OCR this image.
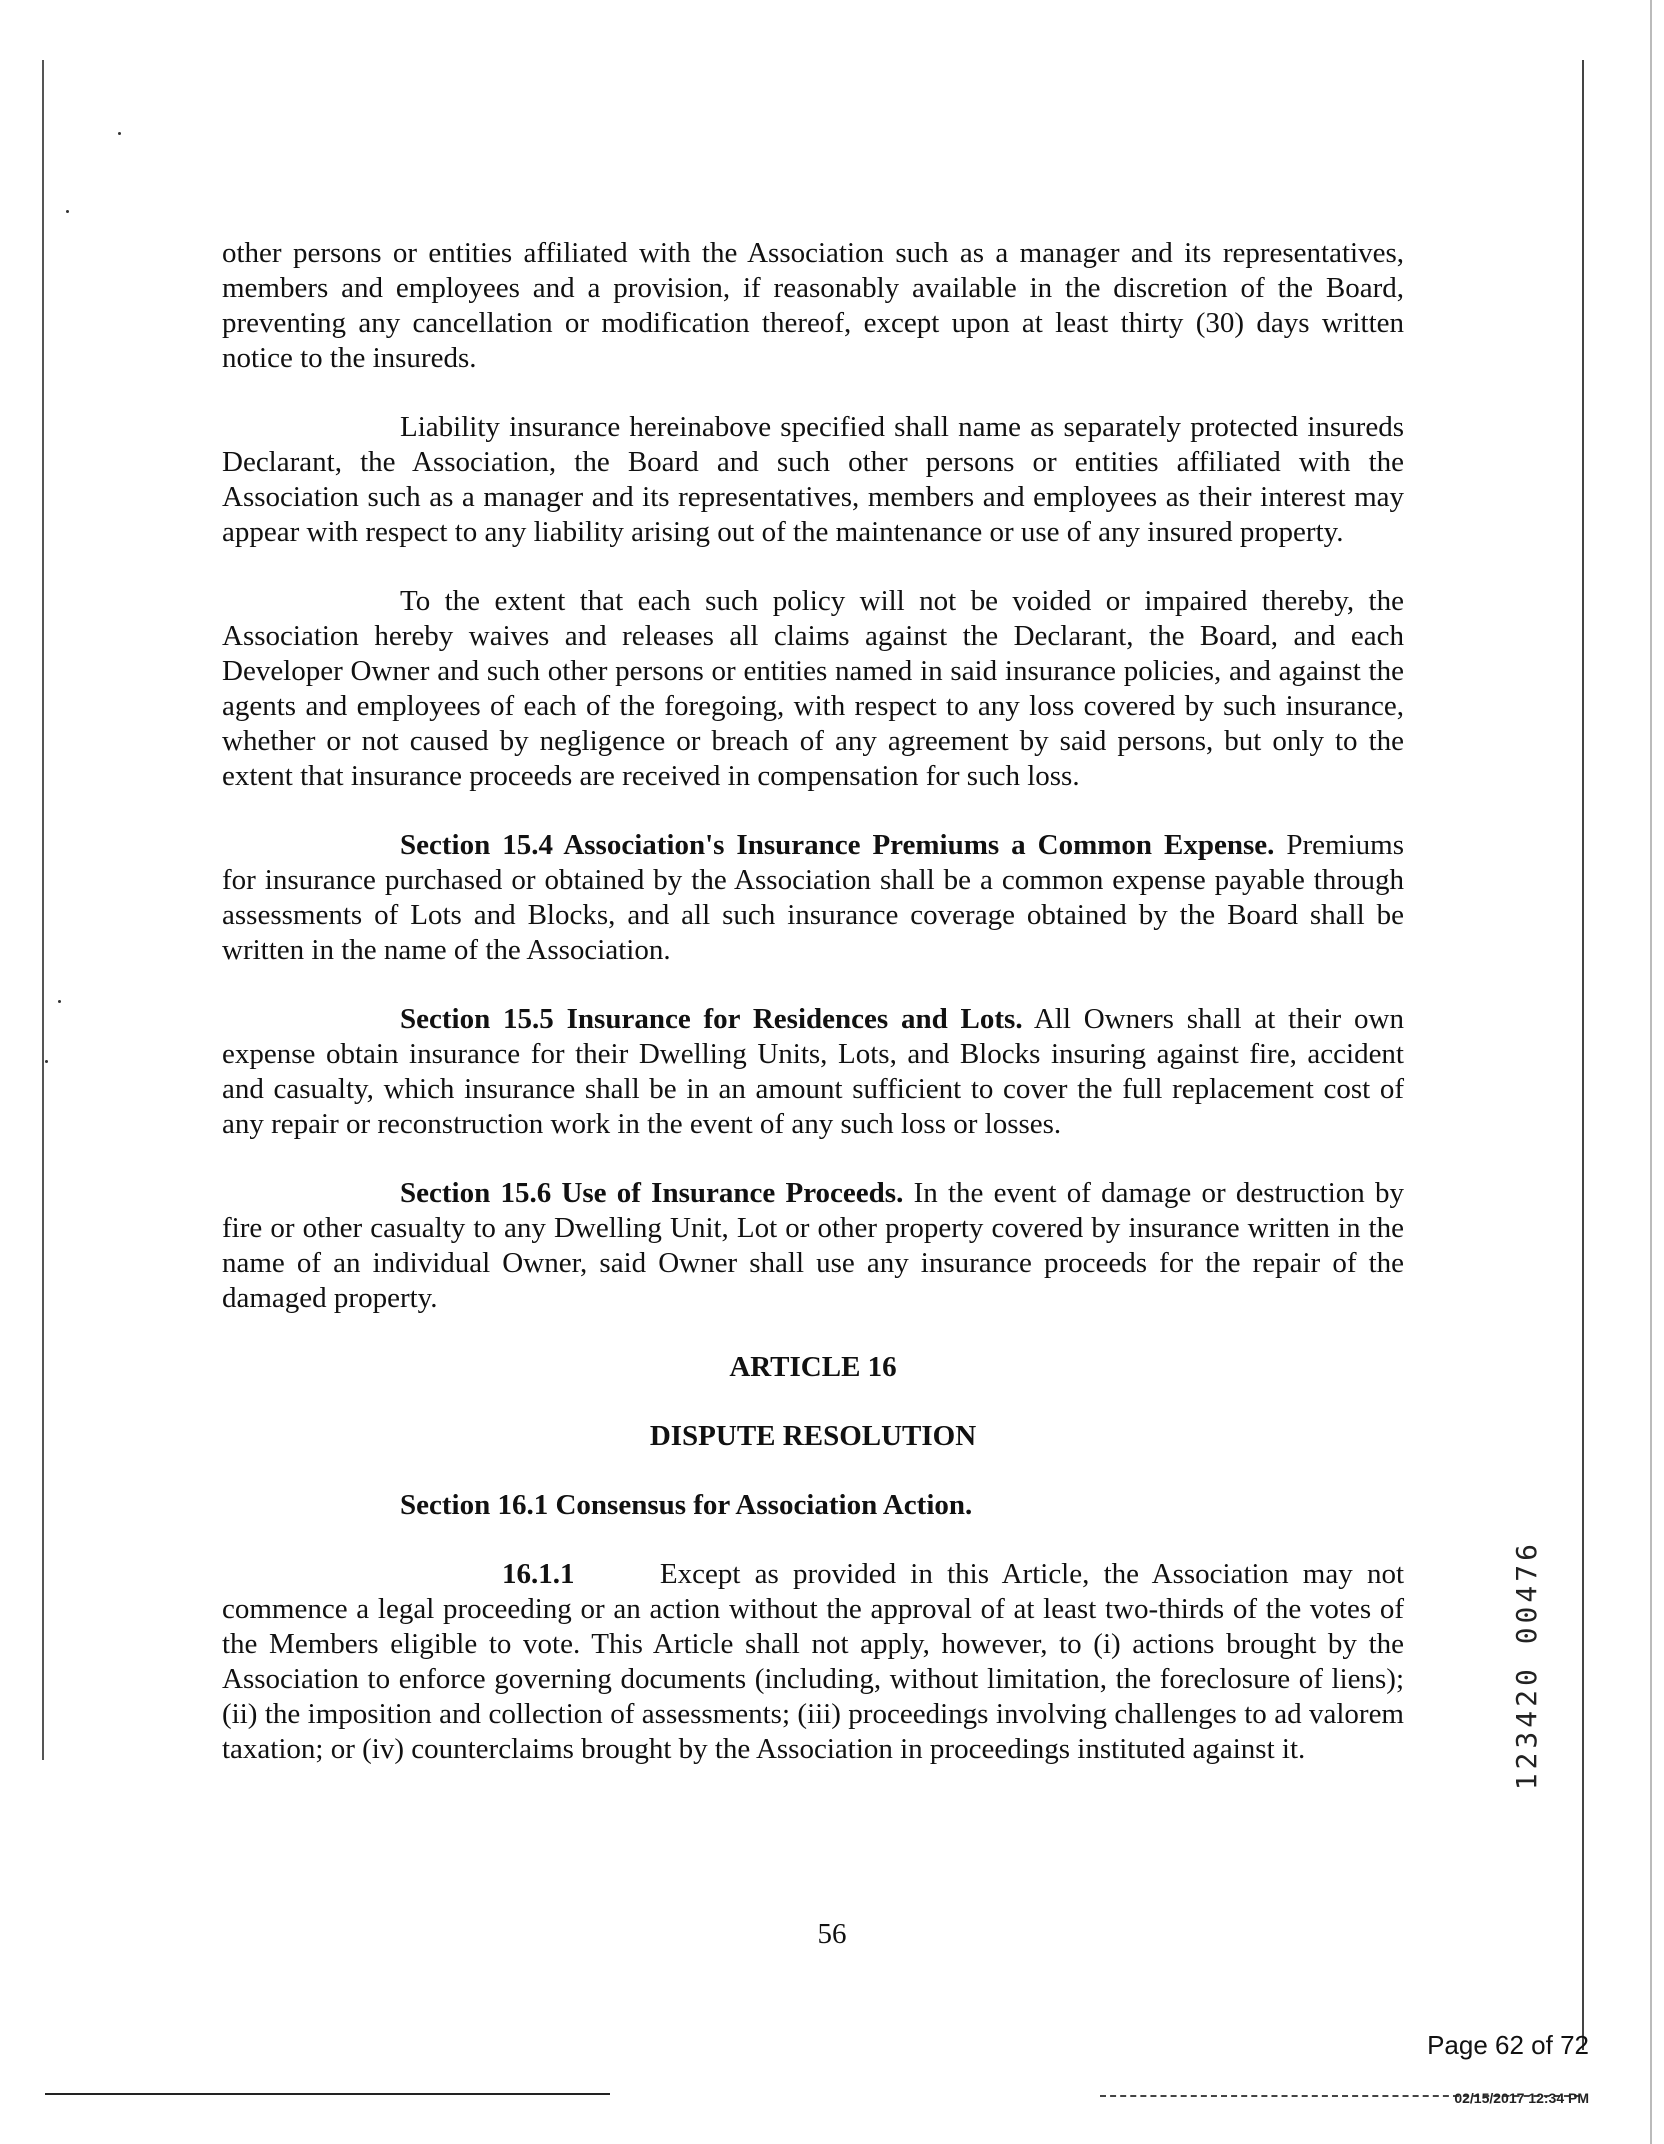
other persons or entities affiliated with the Association such as a manager and its representatives, members and employees and a provision, if reasonably available in the discretion of the Board, preventing any cancellation or modification thereof, except upon at least thirty (30) days written notice to the insureds.

Liability insurance hereinabove specified shall name as separately protected insureds Declarant, the Association, the Board and such other persons or entities affiliated with the Association such as a manager and its representatives, members and employees as their interest may appear with respect to any liability arising out of the maintenance or use of any insured property.

To the extent that each such policy will not be voided or impaired thereby, the Association hereby waives and releases all claims against the Declarant, the Board, and each Developer Owner and such other persons or entities named in said insurance policies, and against the agents and employees of each of the foregoing, with respect to any loss covered by such insurance, whether or not caused by negligence or breach of any agreement by said persons, but only to the extent that insurance proceeds are received in compensation for such loss.

Section 15.4 Association's Insurance Premiums a Common Expense. Premiums for insurance purchased or obtained by the Association shall be a common expense payable through assessments of Lots and Blocks, and all such insurance coverage obtained by the Board shall be written in the name of the Association.

Section 15.5 Insurance for Residences and Lots. All Owners shall at their own expense obtain insurance for their Dwelling Units, Lots, and Blocks insuring against fire, accident and casualty, which insurance shall be in an amount sufficient to cover the full replacement cost of any repair or reconstruction work in the event of any such loss or losses.

Section 15.6 Use of Insurance Proceeds. In the event of damage or destruction by fire or other casualty to any Dwelling Unit, Lot or other property covered by insurance written in the name of an individual Owner, said Owner shall use any insurance proceeds for the repair of the damaged property.

ARTICLE 16

DISPUTE RESOLUTION

Section 16.1 Consensus for Association Action.

16.1.1	Except as provided in this Article, the Association may not commence a legal proceeding or an action without the approval of at least two-thirds of the votes of the Members eligible to vote. This Article shall not apply, however, to (i) actions brought by the Association to enforce governing documents (including, without limitation, the foreclosure of liens); (ii) the imposition and collection of assessments; (iii) proceedings involving challenges to ad valorem taxation; or (iv) counterclaims brought by the Association in proceedings instituted against it.	123420 00476
56
Page 62 of 72
02/15/2017 12:34 PM
